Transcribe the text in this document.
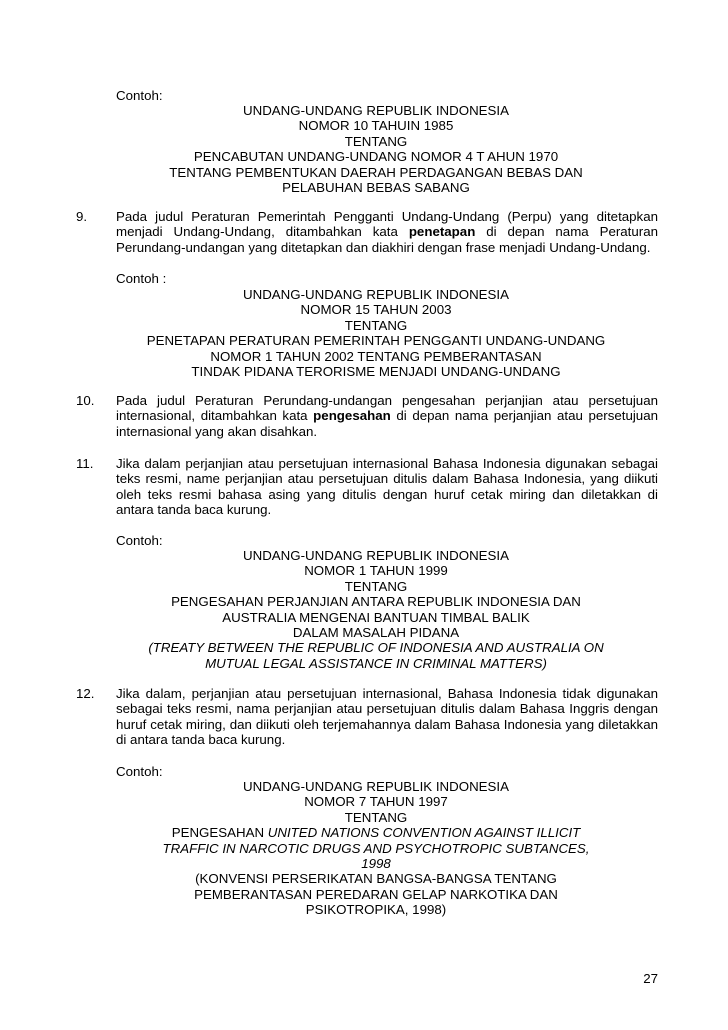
Contoh:

UNDANG-UNDANG REPUBLIK INDONESIA
NOMOR 10 TAHUIN 1985
TENTANG
PENCABUTAN UNDANG-UNDANG NOMOR 4 T AHUN 1970
TENTANG PEMBENTUKAN DAERAH PERDAGANGAN BEBAS DAN
PELABUHAN BEBAS SABANG
9.	Pada judul Peraturan Pemerintah Pengganti Undang-Undang (Perpu) yang ditetapkan menjadi Undang-Undang, ditambahkan kata penetapan di depan nama Peraturan Perundang-undangan yang ditetapkan dan diakhiri dengan frase menjadi Undang-Undang.

Contoh :

UNDANG-UNDANG REPUBLIK INDONESIA
NOMOR 15 TAHUN 2003
TENTANG
PENETAPAN PERATURAN PEMERINTAH PENGGANTI UNDANG-UNDANG
NOMOR 1 TAHUN 2002 TENTANG PEMBERANTASAN
TINDAK PIDANA TERORISME MENJADI UNDANG-UNDANG
10.	Pada judul Peraturan Perundang-undangan pengesahan perjanjian atau persetujuan internasional, ditambahkan kata pengesahan di depan nama perjanjian atau persetujuan internasional yang akan disahkan.

11.	Jika dalam perjanjian atau persetujuan internasional Bahasa Indonesia digunakan sebagai teks resmi, name perjanjian atau persetujuan ditulis dalam Bahasa Indonesia, yang diikuti oleh teks resmi bahasa asing yang ditulis dengan huruf cetak miring dan diletakkan di antara tanda baca kurung.

Contoh:

UNDANG-UNDANG REPUBLIK INDONESIA
NOMOR 1 TAHUN 1999
TENTANG
PENGESAHAN PERJANJIAN ANTARA REPUBLIK INDONESIA DAN
AUSTRALIA MENGENAI BANTUAN TIMBAL BALIK
DALAM MASALAH PIDANA
(TREATY BETWEEN THE REPUBLIC OF INDONESIA AND AUSTRALIA ON
MUTUAL LEGAL ASSISTANCE IN CRIMINAL MATTERS)
12.	Jika dalam, perjanjian atau persetujuan internasional, Bahasa Indonesia tidak digunakan sebagai teks resmi, nama perjanjian atau persetujuan ditulis dalam Bahasa Inggris dengan huruf cetak miring, dan diikuti oleh terjemahannya dalam Bahasa Indonesia yang diletakkan di antara tanda baca kurung.

Contoh:

UNDANG-UNDANG REPUBLIK INDONESIA
NOMOR 7 TAHUN 1997
TENTANG
PENGESAHAN UNITED NATIONS CONVENTION AGAINST ILLICIT
TRAFFIC IN NARCOTIC DRUGS AND PSYCHOTROPIC SUBTANCES,
1998
(KONVENSI PERSERIKATAN BANGSA-BANGSA TENTANG
PEMBERANTASAN PEREDARAN GELAP NARKOTIKA DAN
PSIKOTROPIKA, 1998)
27
